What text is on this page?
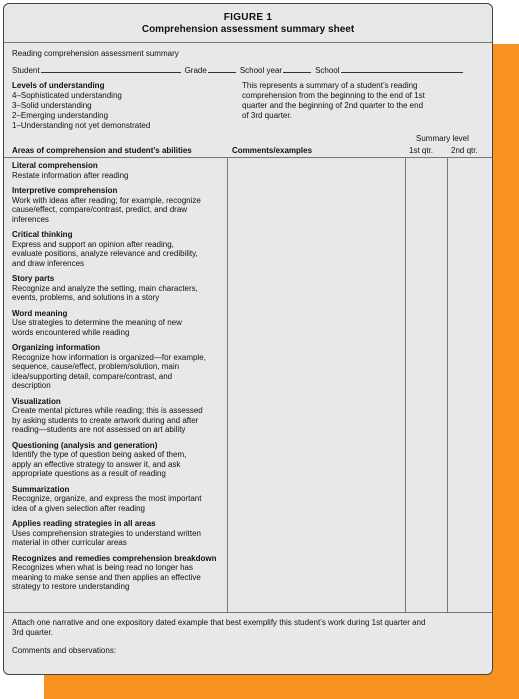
FIGURE 1
Comprehension assessment summary sheet
Reading comprehension assessment summary
Student	Grade	School year	School
Levels of understanding
4–Sophisticated understanding
3–Solid understanding
2–Emerging understanding
1–Understanding not yet demonstrated
This represents a summary of a student’s reading
comprehension from the beginning to the end of 1st
quarter and the beginning of 2nd quarter to the end
of 3rd quarter.
Summary level
Areas of comprehension and student’s abilities	Comments/examples	1st qtr. 2nd qtr.
Literal comprehension
Restate information after reading
Interpretive comprehension
Work with ideas after reading; for example, recognize
cause/effect, compare/contrast, predict, and draw
inferences
Critical thinking
Express and support an opinion after reading,
evaluate positions, analyze relevance and credibility,
and draw inferences
Story parts
Recognize and analyze the setting, main characters,
events, problems, and solutions in a story
Word meaning
Use strategies to determine the meaning of new
words encountered while reading
Organizing information
Recognize how information is organized—for example,
sequence, cause/effect, problem/solution, main
idea/supporting detail, compare/contrast, and
description
Visualization
Create mental pictures while reading; this is assessed
by asking students to create artwork during and after
reading—students are not assessed on art ability
Questioning (analysis and generation)
Identify the type of question being asked of them,
apply an effective strategy to answer it, and ask
appropriate questions as a result of reading
Summarization
Recognize, organize, and express the most important
idea of a given selection after reading
Applies reading strategies in all areas
Uses comprehension strategies to understand written
material in other curricular areas
Recognizes and remedies comprehension breakdown
Recognizes when what is being read no longer has
meaning to make sense and then applies an effective
strategy to restore understanding
Attach one narrative and one expository dated example that best exemplify this student’s work during 1st quarter and
3rd quarter.
Comments and observations:
